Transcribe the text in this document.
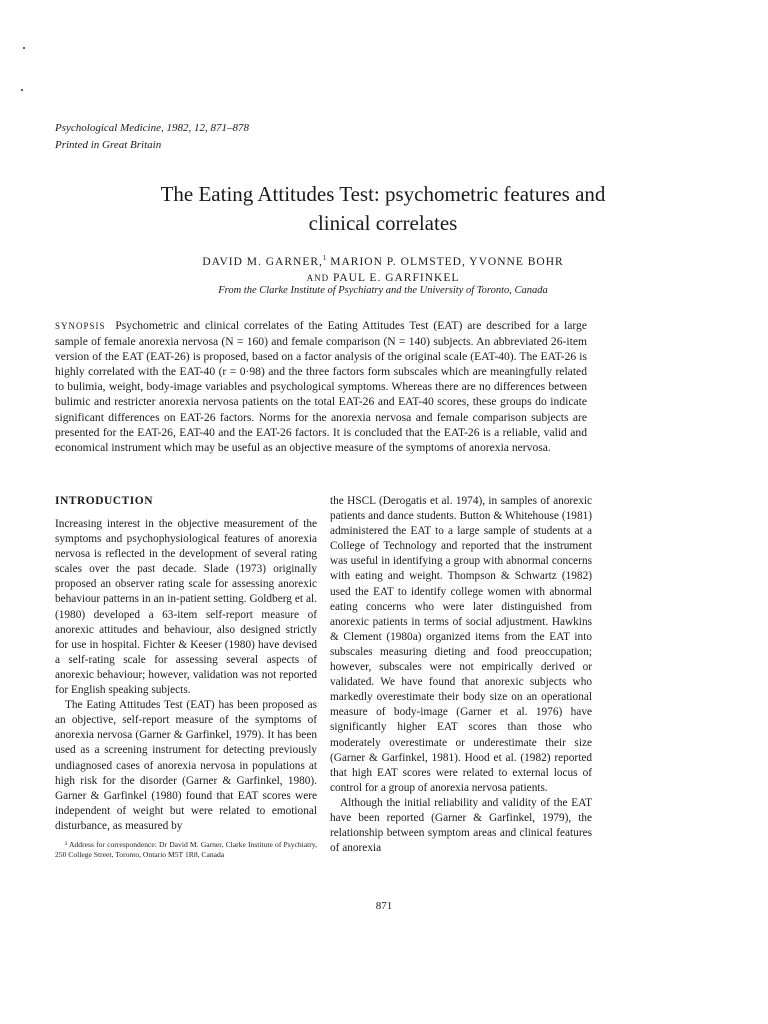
Psychological Medicine, 1982, 12, 871–878
Printed in Great Britain
The Eating Attitudes Test: psychometric features and
clinical correlates
DAVID M. GARNER,$^1$ MARION P. OLMSTED, YVONNE BOHR
AND PAUL E. GARFINKEL
From the Clarke Institute of Psychiatry and the University of Toronto, Canada

SYNOPSIS Psychometric and clinical correlates of the Eating Attitudes Test (EAT) are described for a large sample of female anorexia nervosa (N = 160) and female comparison (N = 140) subjects. An abbreviated 26-item version of the EAT (EAT-26) is proposed, based on a factor analysis of the original scale (EAT-40). The EAT-26 is highly correlated with the EAT-40 (r = 0·98) and the three factors form subscales which are meaningfully related to bulimia, weight, body-image variables and psychological symptoms. Whereas there are no differences between bulimic and restricter anorexia nervosa patients on the total EAT-26 and EAT-40 scores, these groups do indicate significant differences on EAT-26 factors. Norms for the anorexia nervosa and female comparison subjects are presented for the EAT-26, EAT-40 and the EAT-26 factors. It is concluded that the EAT-26 is a reliable, valid and economical instrument which may be useful as an objective measure of the symptoms of anorexia nervosa.

INTRODUCTION

Increasing interest in the objective measurement of the symptoms and psychophysiological features of anorexia nervosa is reflected in the development of several rating scales over the past decade. Slade (1973) originally proposed an observer rating scale for assessing anorexic behaviour patterns in an in-patient setting. Goldberg et al. (1980) developed a 63-item self-report measure of anorexic attitudes and behaviour, also designed strictly for use in hospital. Fichter & Keeser (1980) have devised a self-rating scale for assessing several aspects of anorexic behaviour; however, validation was not reported for English speaking subjects.

The Eating Attitudes Test (EAT) has been proposed as an objective, self-report measure of the symptoms of anorexia nervosa (Garner & Garfinkel, 1979). It has been used as a screening instrument for detecting previously undiagnosed cases of anorexia nervosa in populations at high risk for the disorder (Garner & Garfinkel, 1980). Garner & Garfinkel (1980) found that EAT scores were independent of weight but were related to emotional disturbance, as measured by

¹ Address for correspondence: Dr David M. Garner, Clarke Institute of Psychiatry, 250 College Street, Toronto, Ontario M5T 1R8, Canada

the HSCL (Derogatis et al. 1974), in samples of anorexic patients and dance students. Button & Whitehouse (1981) administered the EAT to a large sample of students at a College of Technology and reported that the instrument was useful in identifying a group with abnormal concerns with eating and weight. Thompson & Schwartz (1982) used the EAT to identify college women with abnormal eating concerns who were later distinguished from anorexic patients in terms of social adjustment. Hawkins & Clement (1980a) organized items from the EAT into subscales measuring dieting and food preoccupation; however, subscales were not empirically derived or validated. We have found that anorexic subjects who markedly overestimate their body size on an operational measure of body-image (Garner et al. 1976) have significantly higher EAT scores than those who moderately overestimate or underestimate their size (Garner & Garfinkel, 1981). Hood et al. (1982) reported that high EAT scores were related to external locus of control for a group of anorexia nervosa patients.

Although the initial reliability and validity of the EAT have been reported (Garner & Garfinkel, 1979), the relationship between symptom areas and clinical features of anorexia

871
